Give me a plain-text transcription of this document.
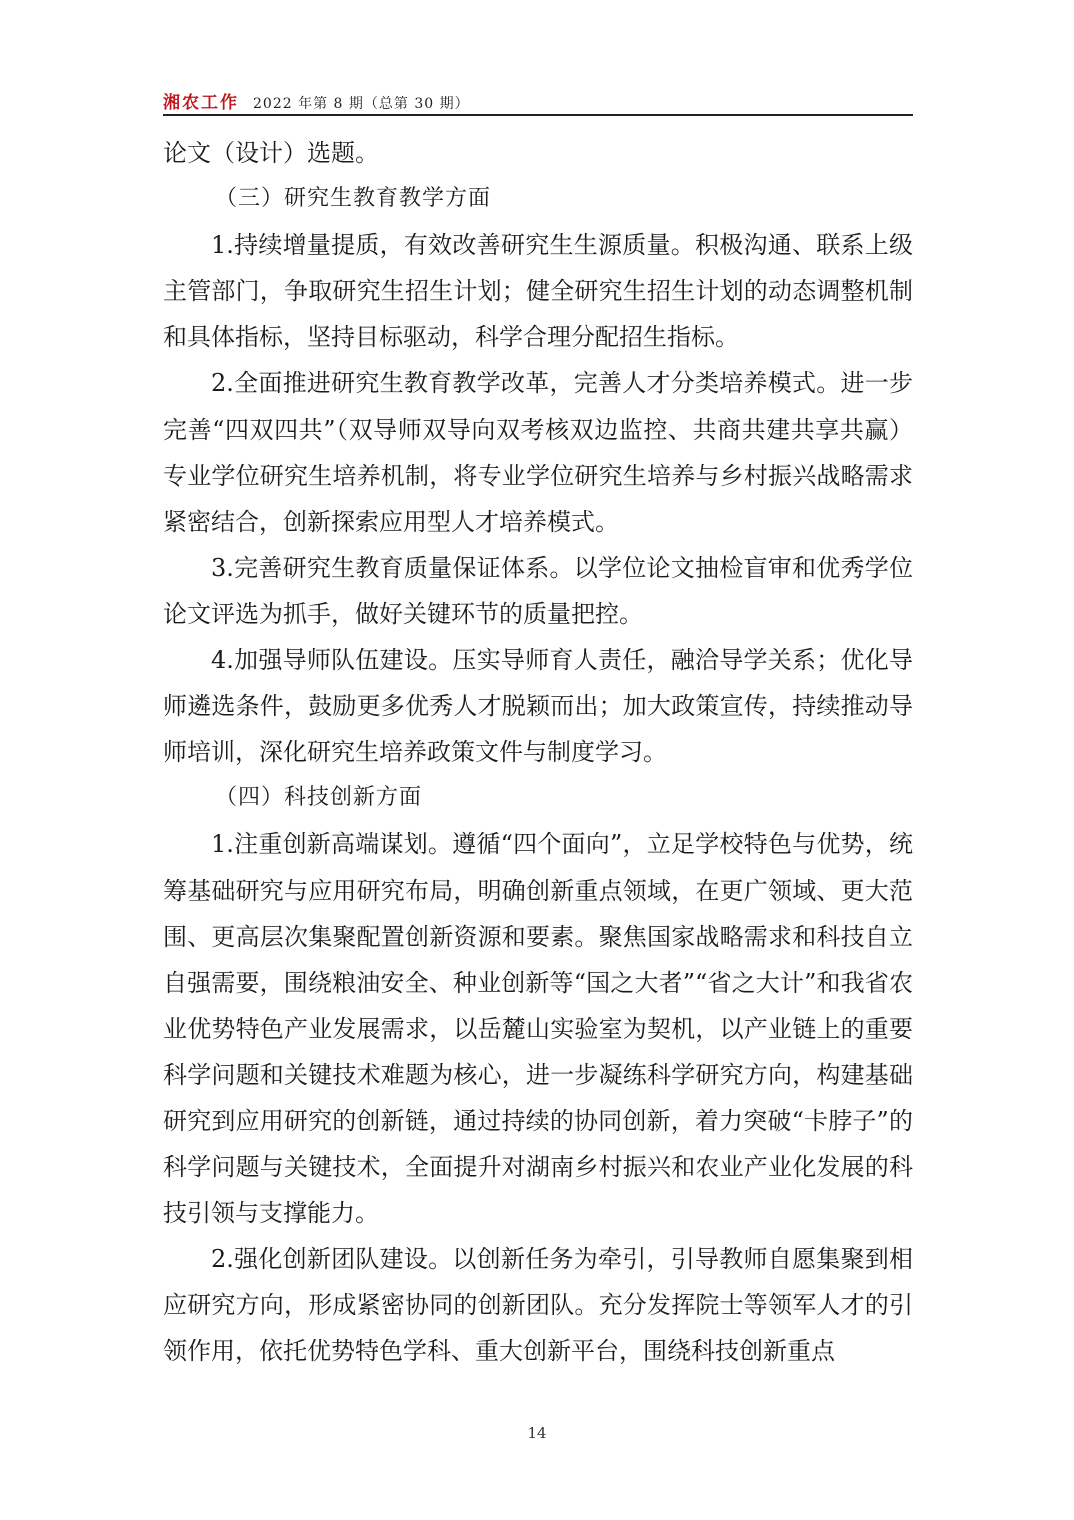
湘农工作 2022 年第 8 期（总第 30 期）

论文（设计）选题。

（三）研究生教育教学方面

1.持续增量提质，有效改善研究生生源质量。积极沟通、联系上级主管部门，争取研究生招生计划；健全研究生招生计划的动态调整机制和具体指标，坚持目标驱动，科学合理分配招生指标。

2.全面推进研究生教育教学改革，完善人才分类培养模式。进一步完善“四双四共”（双导师双导向双考核双边监控、共商共建共享共赢）专业学位研究生培养机制，将专业学位研究生培养与乡村振兴战略需求紧密结合，创新探索应用型人才培养模式。

3.完善研究生教育质量保证体系。以学位论文抽检盲审和优秀学位论文评选为抓手，做好关键环节的质量把控。

4.加强导师队伍建设。压实导师育人责任，融洽导学关系；优化导师遴选条件，鼓励更多优秀人才脱颖而出；加大政策宣传，持续推动导师培训，深化研究生培养政策文件与制度学习。

（四）科技创新方面

1.注重创新高端谋划。遵循“四个面向”，立足学校特色与优势，统筹基础研究与应用研究布局，明确创新重点领域，在更广领域、更大范围、更高层次集聚配置创新资源和要素。聚焦国家战略需求和科技自立自强需要，围绕粮油安全、种业创新等“国之大者”“省之大计”和我省农业优势特色产业发展需求，以岳麓山实验室为契机，以产业链上的重要科学问题和关键技术难题为核心，进一步凝练科学研究方向，构建基础研究到应用研究的创新链，通过持续的协同创新，着力突破“卡脖子”的科学问题与关键技术，全面提升对湖南乡村振兴和农业产业化发展的科技引领与支撑能力。

2.强化创新团队建设。以创新任务为牵引，引导教师自愿集聚到相应研究方向，形成紧密协同的创新团队。充分发挥院士等领军人才的引领作用，依托优势特色学科、重大创新平台，围绕科技创新重点

14
